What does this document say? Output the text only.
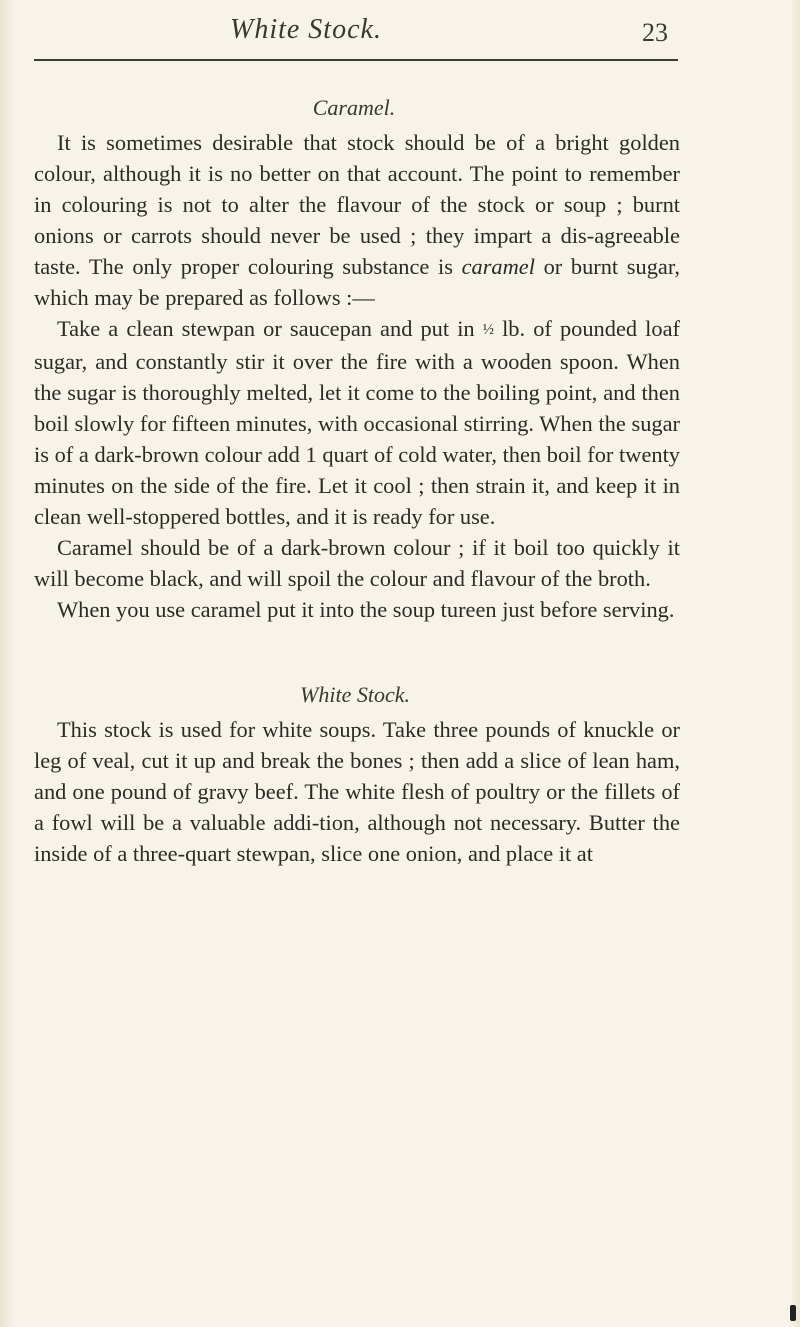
White Stock.	23
Caramel.

It is sometimes desirable that stock should be of a bright golden colour, although it is no better on that account. The point to remember in colouring is not to alter the flavour of the stock or soup ; burnt onions or carrots should never be used ; they impart a dis-agreeable taste. The only proper colouring substance is caramel or burnt sugar, which may be prepared as follows :—

Take a clean stewpan or saucepan and put in ½ lb. of pounded loaf sugar, and constantly stir it over the fire with a wooden spoon. When the sugar is thoroughly melted, let it come to the boiling point, and then boil slowly for fifteen minutes, with occasional stirring. When the sugar is of a dark-brown colour add 1 quart of cold water, then boil for twenty minutes on the side of the fire. Let it cool ; then strain it, and keep it in clean well-stoppered bottles, and it is ready for use.

Caramel should be of a dark-brown colour ; if it boil too quickly it will become black, and will spoil the colour and flavour of the broth.

When you use caramel put it into the soup tureen just before serving.

White Stock.

This stock is used for white soups. Take three pounds of knuckle or leg of veal, cut it up and break the bones ; then add a slice of lean ham, and one pound of gravy beef. The white flesh of poultry or the fillets of a fowl will be a valuable addi-tion, although not necessary. Butter the inside of a three-quart stewpan, slice one onion, and place it at
